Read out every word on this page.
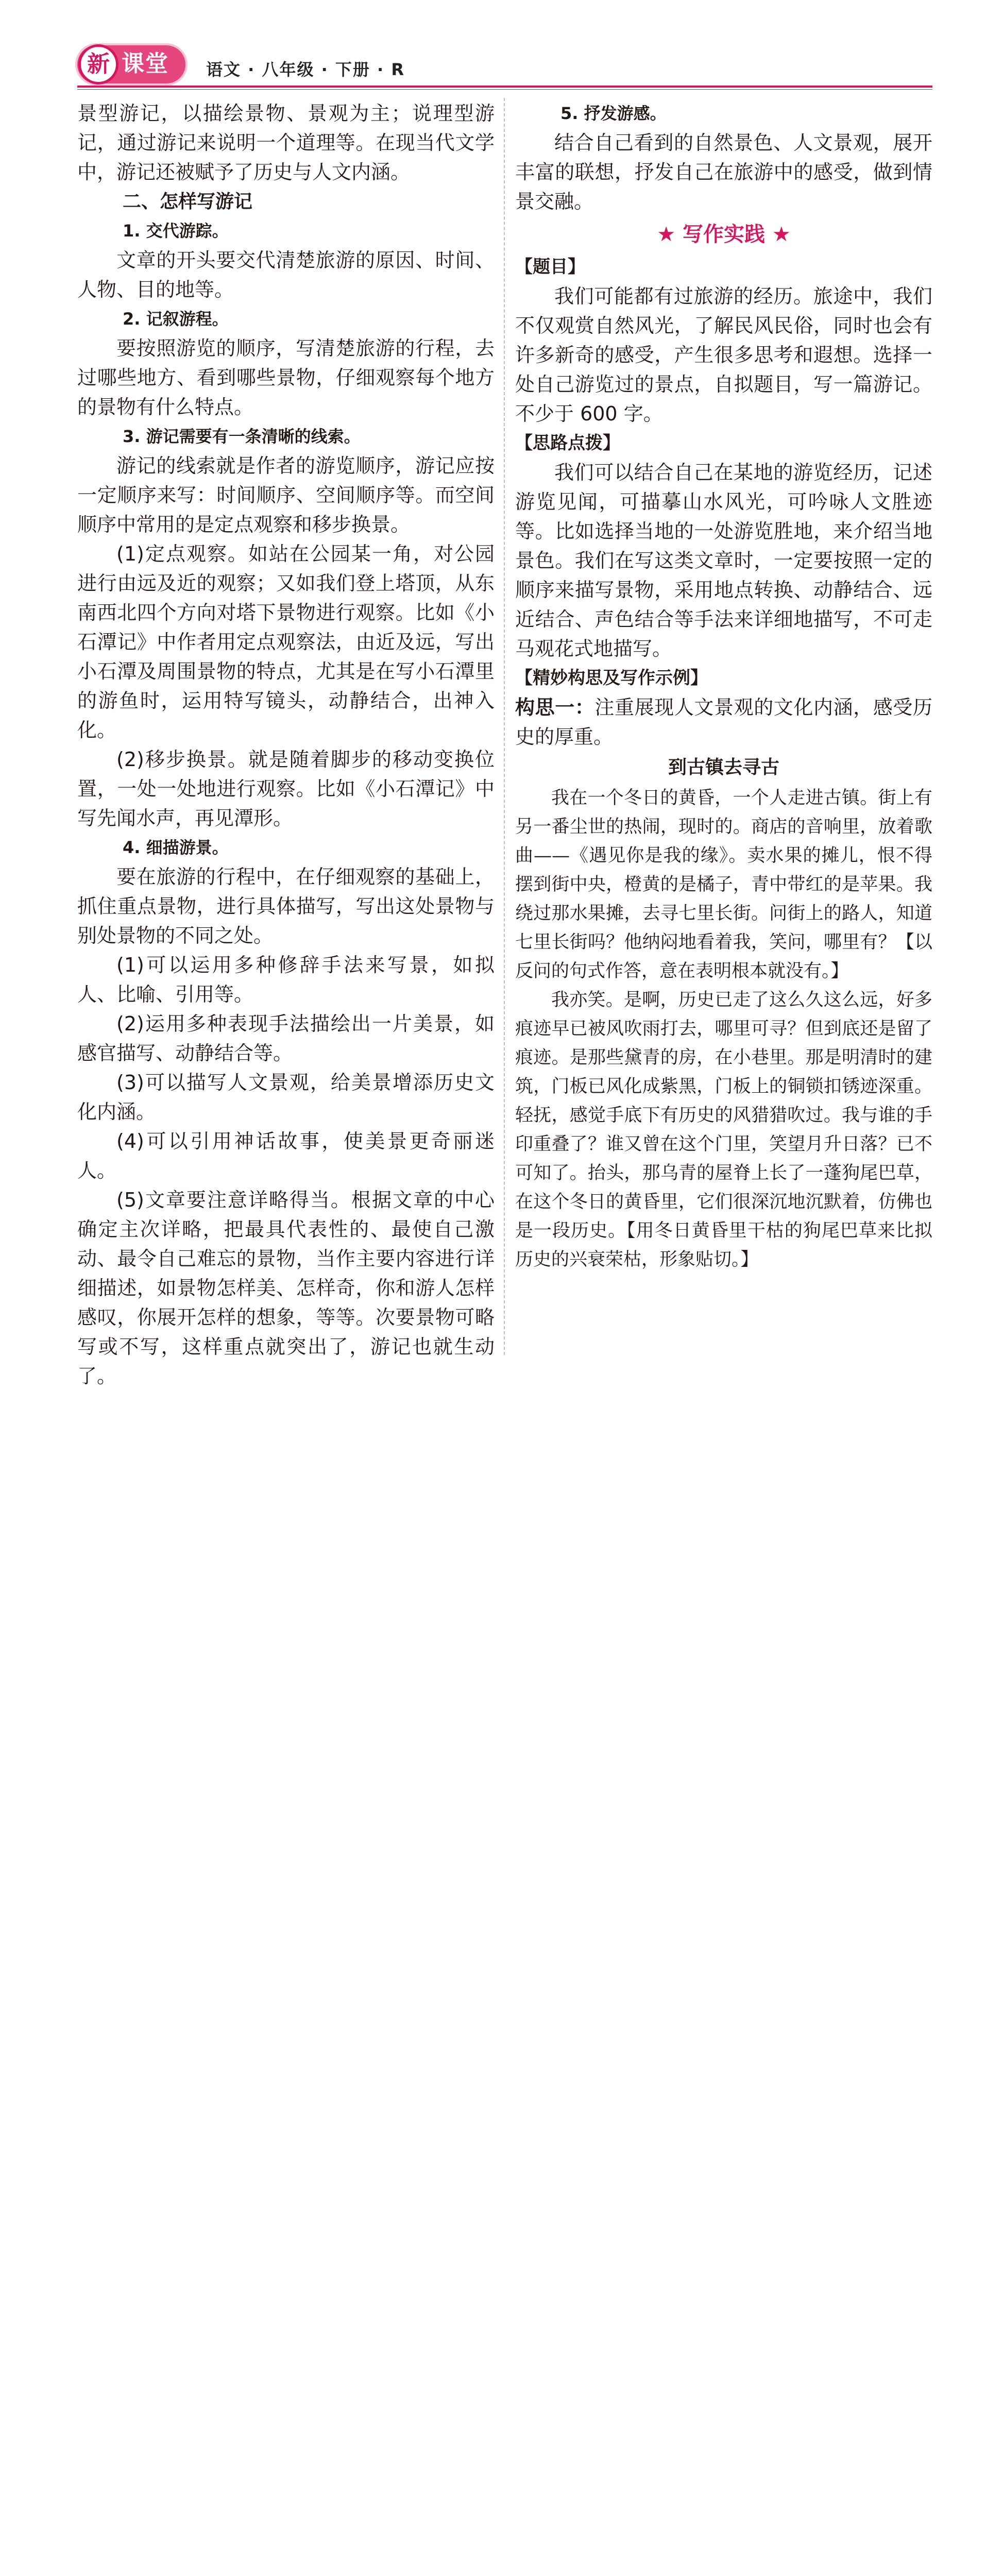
新 课堂 语文 · 八年级 · 下册 · R

景型游记，以描绘景物、景观为主；说理型游记，通过游记来说明一个道理等。在现当代文学中，游记还被赋予了历史与人文内涵。

二、怎样写游记

1. 交代游踪。

文章的开头要交代清楚旅游的原因、时间、人物、目的地等。

2. 记叙游程。

要按照游览的顺序，写清楚旅游的行程，去过哪些地方、看到哪些景物，仔细观察每个地方的景物有什么特点。

3. 游记需要有一条清晰的线索。

游记的线索就是作者的游览顺序，游记应按一定顺序来写：时间顺序、空间顺序等。而空间顺序中常用的是定点观察和移步换景。

(1)定点观察。如站在公园某一角，对公园进行由远及近的观察；又如我们登上塔顶，从东南西北四个方向对塔下景物进行观察。比如《小石潭记》中作者用定点观察法，由近及远，写出小石潭及周围景物的特点，尤其是在写小石潭里的游鱼时，运用特写镜头，动静结合，出神入化。

(2)移步换景。就是随着脚步的移动变换位置，一处一处地进行观察。比如《小石潭记》中写先闻水声，再见潭形。

4. 细描游景。

要在旅游的行程中，在仔细观察的基础上，抓住重点景物，进行具体描写，写出这处景物与别处景物的不同之处。

(1)可以运用多种修辞手法来写景，如拟人、比喻、引用等。

(2)运用多种表现手法描绘出一片美景，如感官描写、动静结合等。

(3)可以描写人文景观，给美景增添历史文化内涵。

(4)可以引用神话故事，使美景更奇丽迷人。

(5)文章要注意详略得当。根据文章的中心确定主次详略，把最具代表性的、最使自己激动、最令自己难忘的景物，当作主要内容进行详细描述，如景物怎样美、怎样奇，你和游人怎样感叹，你展开怎样的想象，等等。次要景物可略写或不写，这样重点就突出了，游记也就生动了。

5. 抒发游感。

结合自己看到的自然景色、人文景观，展开丰富的联想，抒发自己在旅游中的感受，做到情景交融。

★ 写作实践 ★

【题目】

我们可能都有过旅游的经历。旅途中，我们不仅观赏自然风光，了解民风民俗，同时也会有许多新奇的感受，产生很多思考和遐想。选择一处自己游览过的景点，自拟题目，写一篇游记。不少于 600 字。

【思路点拨】

我们可以结合自己在某地的游览经历，记述游览见闻，可描摹山水风光，可吟咏人文胜迹等。比如选择当地的一处游览胜地，来介绍当地景色。我们在写这类文章时，一定要按照一定的顺序来描写景物，采用地点转换、动静结合、远近结合、声色结合等手法来详细地描写，不可走马观花式地描写。

【精妙构思及写作示例】

构思一：注重展现人文景观的文化内涵，感受历史的厚重。

到古镇去寻古

我在一个冬日的黄昏，一个人走进古镇。街上有另一番尘世的热闹，现时的。商店的音响里，放着歌曲——《遇见你是我的缘》。卖水果的摊儿，恨不得摆到街中央，橙黄的是橘子，青中带红的是苹果。我绕过那水果摊，去寻七里长街。问街上的路人，知道七里长街吗？他纳闷地看着我，笑问，哪里有？【以反问的句式作答，意在表明根本就没有。】

我亦笑。是啊，历史已走了这么久这么远，好多痕迹早已被风吹雨打去，哪里可寻？但到底还是留了痕迹。是那些黛青的房，在小巷里。那是明清时的建筑，门板已风化成紫黑，门板上的铜锁扣锈迹深重。轻抚，感觉手底下有历史的风猎猎吹过。我与谁的手印重叠了？谁又曾在这个门里，笑望月升日落？已不可知了。抬头，那乌青的屋脊上长了一蓬狗尾巴草，在这个冬日的黄昏里，它们很深沉地沉默着，仿佛也是一段历史。【用冬日黄昏里干枯的狗尾巴草来比拟历史的兴衰荣枯，形象贴切。】
